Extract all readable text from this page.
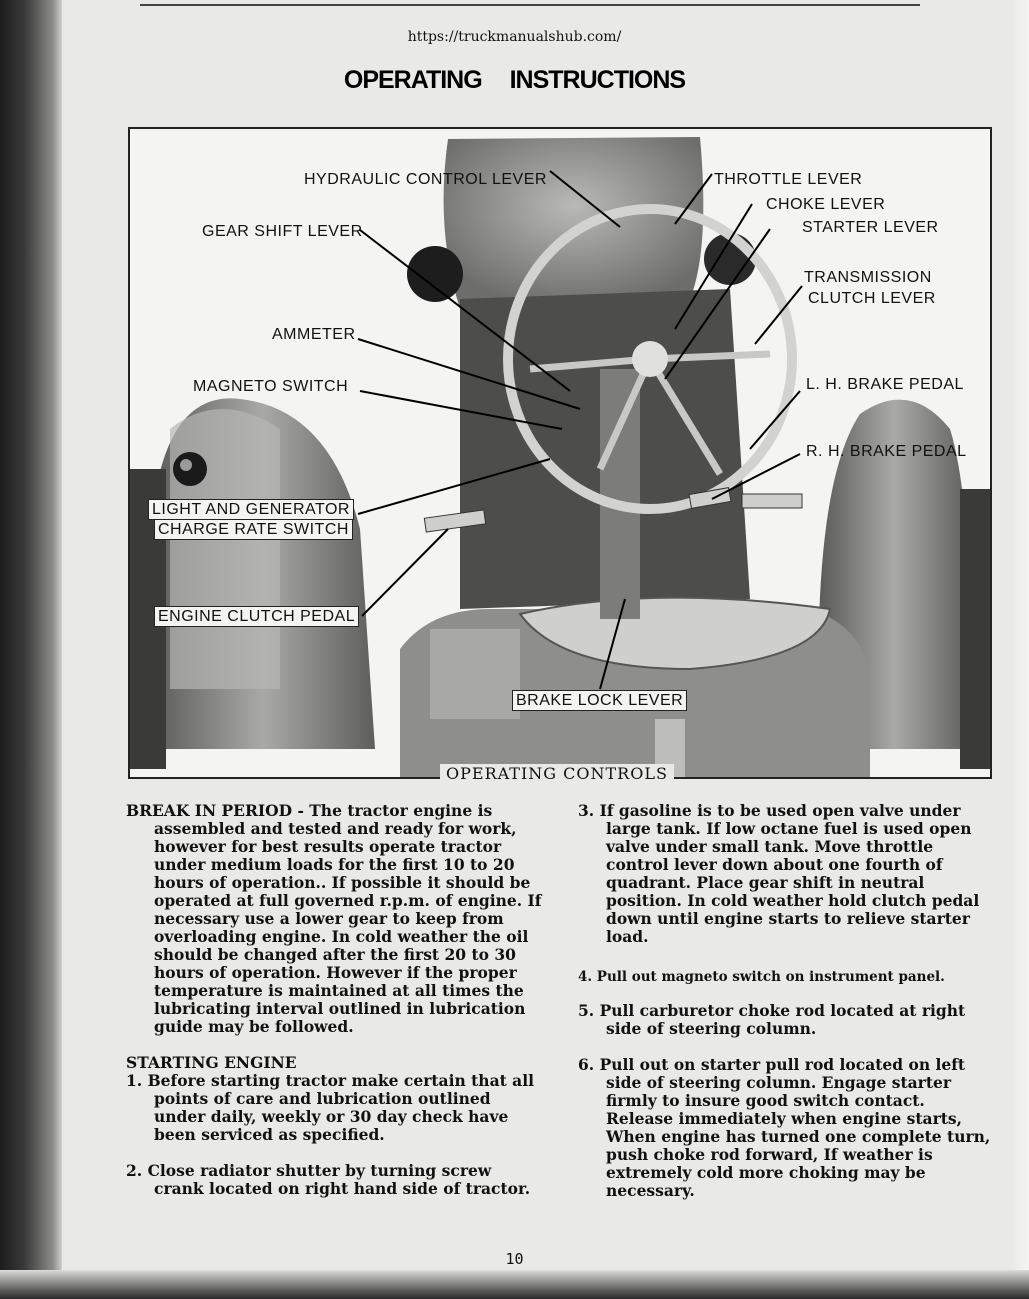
https://truckmanualshub.com/
OPERATING INSTRUCTIONS
HYDRAULIC CONTROL LEVER	THROTTLE LEVER
CHOKE LEVER
STARTER LEVER
GEAR SHIFT LEVER
TRANSMISSION
CLUTCH LEVER
AMMETER
MAGNETO SWITCH	L. H. BRAKE PEDAL
R. H. BRAKE PEDAL
LIGHT AND GENERATOR
CHARGE RATE SWITCH
ENGINE CLUTCH PEDAL
BRAKE LOCK LEVER
OPERATING CONTROLS

BREAK IN PERIOD - The tractor engine is assembled and tested and ready for work, however for best results operate tractor under medium loads for the first 10 to 20 hours of operation.. If possible it should be operated at full governed r.p.m. of engine. If necessary use a lower gear to keep from overloading engine. In cold weather the oil should be changed after the first 20 to 30 hours of operation. However if the proper temperature is maintained at all times the lubricating interval outlined in lubrication guide may be followed.

STARTING ENGINE

1. Before starting tractor make certain that all points of care and lubrication outlined under daily, weekly or 30 day check have been serviced as specified.

2. Close radiator shutter by turning screw crank located on right hand side of tractor.

3. If gasoline is to be used open valve under large tank. If low octane fuel is used open valve under small tank. Move throttle control lever down about one fourth of quadrant. Place gear shift in neutral position. In cold weather hold clutch pedal down until engine starts to relieve starter load.

4. Pull out magneto switch on instrument panel.

5. Pull carburetor choke rod located at right side of steering column.

6. Pull out on starter pull rod located on left side of steering column. Engage starter firmly to insure good switch contact. Release immediately when engine starts, When engine has turned one complete turn, push choke rod forward, If weather is extremely cold more choking may be necessary.

10
